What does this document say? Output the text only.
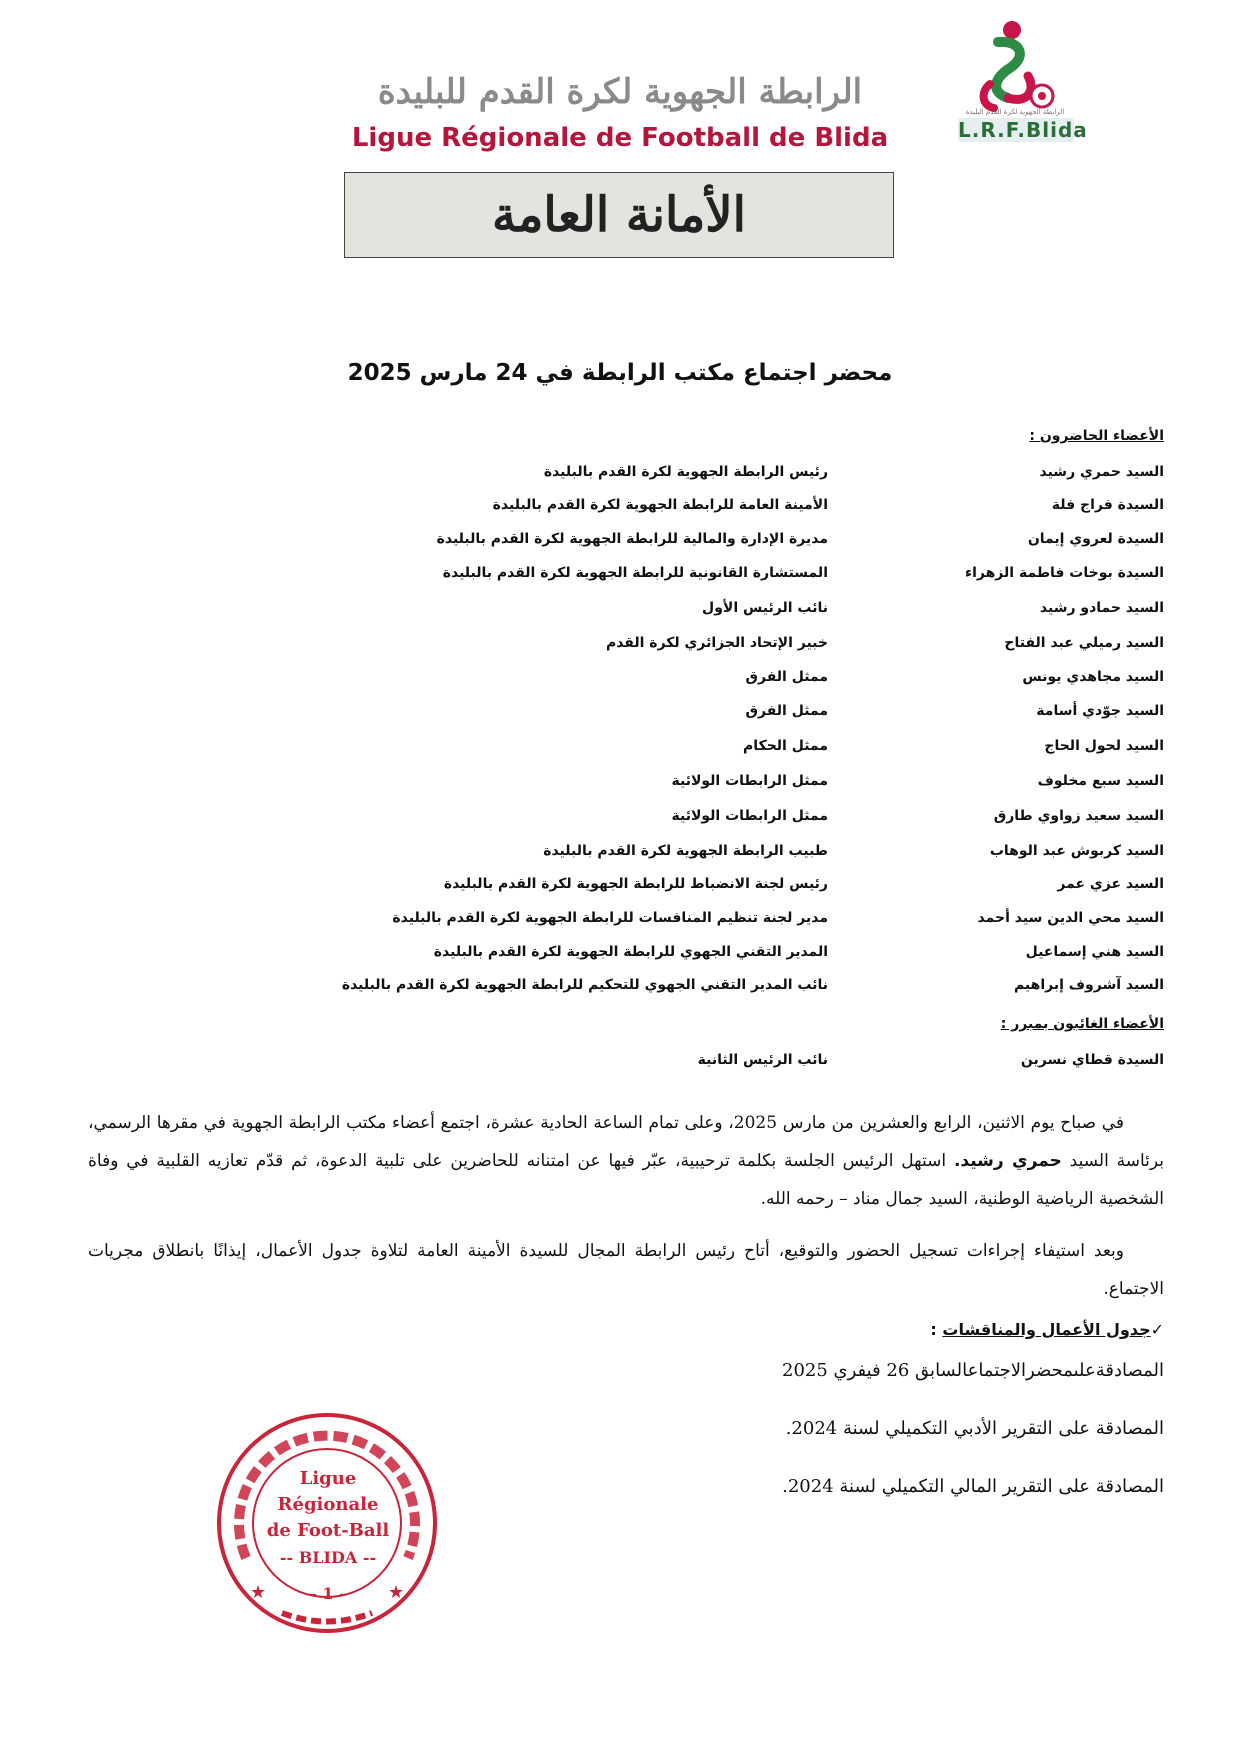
الرابطة الجهوية لكرة القدم للبليدة
Ligue Régionale de Football de Blida
الرابطة الجهوية لكرة القدم البليدة
L.R.F.Blida
الأمانة العامة
محضر اجتماع مكتب الرابطة في 24 مارس 2025
الأعضاء الحاضرون :
السيد حمري رشيد
رئيس الرابطة الجهوية لكرة القدم بالبليدة
السيدة فراج فلة
الأمينة العامة للرابطة الجهوية لكرة القدم بالبليدة
السيدة لعروي إيمان
مديرة الإدارة والمالية للرابطة الجهوية لكرة القدم بالبليدة
السيدة بوخات فاطمة الزهراء
المستشارة القانونية للرابطة الجهوية لكرة القدم بالبليدة
السيد حمادو رشيد
نائب الرئيس الأول
السيد رميلي عبد الفتاح
خبير الإتحاد الجزائري لكرة القدم
السيد مجاهدي يونس
ممثل الفرق
السيد جوّدي أسامة
ممثل الفرق
السيد لحول الحاج
ممثل الحكام
السيد سبع مخلوف
ممثل الرابطات الولائية
السيد سعيد زواوي طارق
ممثل الرابطات الولائية
السيد كربوش عبد الوهاب
طبيب الرابطة الجهوية لكرة القدم بالبليدة
السيد عزي عمر
رئيس لجنة الانضباط للرابطة الجهوية لكرة القدم بالبليدة
السيد محي الدين سيد أحمد
مدير لجنة تنظيم المنافسات للرابطة الجهوية لكرة القدم بالبليدة
السيد هني إسماعيل
المدير التقني الجهوي للرابطة الجهوية لكرة القدم بالبليدة
السيد آشروف إبراهيم
نائب المدير التقني الجهوي للتحكيم للرابطة الجهوية لكرة القدم بالبليدة
الأعضاء الغائبون بمبرر :
السيدة قطاي نسرين
نائب الرئيس الثانية
في صباح يوم الاثنين، الرابع والعشرين من مارس 2025، وعلى تمام الساعة الحادية عشرة، اجتمع أعضاء مكتب الرابطة الجهوية في مقرها الرسمي، برئاسة السيد حمري رشيد. استهل الرئيس الجلسة بكلمة ترحيبية، عبّر فيها عن امتنانه للحاضرين على تلبية الدعوة، ثم قدّم تعازيه القلبية في وفاة الشخصية الرياضية الوطنية، السيد جمال مناد – رحمه الله.
وبعد استيفاء إجراءات تسجيل الحضور والتوقيع، أتاح رئيس الرابطة المجال للسيدة الأمينة العامة لتلاوة جدول الأعمال، إيذانًا بانطلاق مجريات الاجتماع.
✓جدول الأعمال والمناقشات :
المصادقةعلىمحضرالاجتماعالسابق 26 فيفري 2025
المصادقة على التقرير الأدبي التكميلي لسنة 2024.
المصادقة على التقرير المالي التكميلي لسنة 2024.
★	★
Ligue
Régionale
de Foot-Ball
-- BLIDA --
- 1 -
